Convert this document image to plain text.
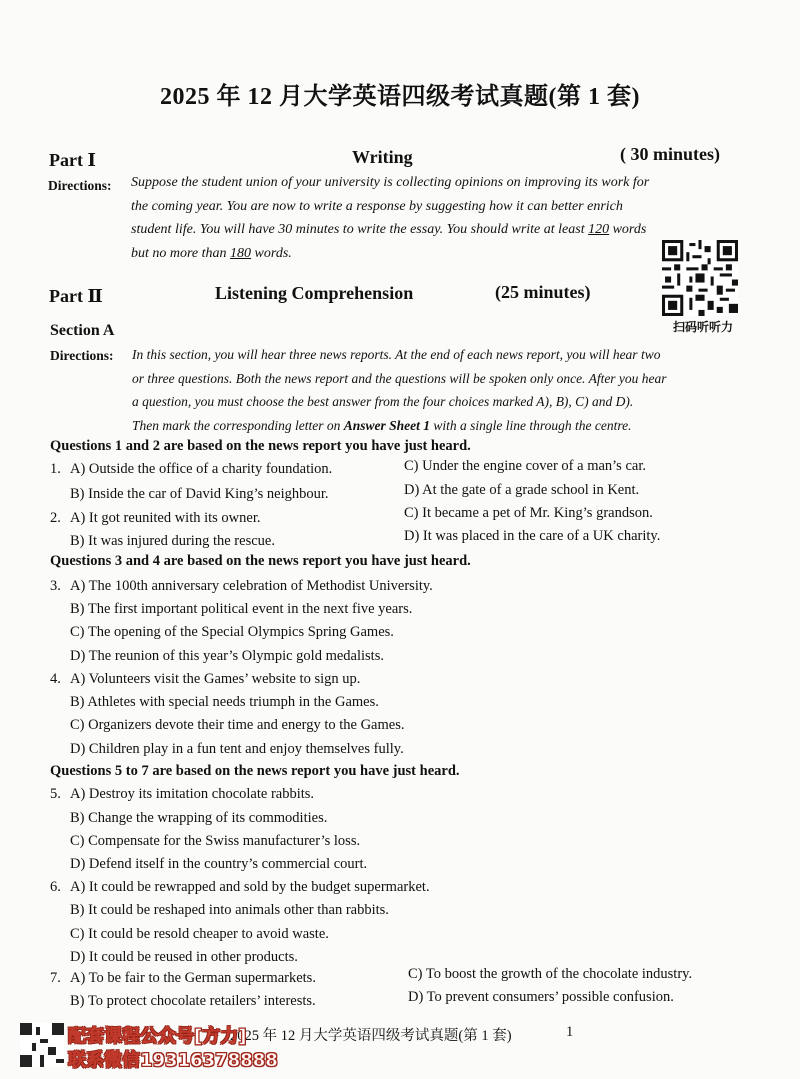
2025 年 12 月大学英语四级考试真题(第 1 套)
Part Ⅰ	Writing	( 30 minutes)
Directions: Suppose the student union of your university is collecting opinions on improving its work for
the coming year. You are now to write a response by suggesting how it can better enrich
student life. You will have 30 minutes to write the essay. You should write at least 120 words
but no more than 180 words.
扫码听听力
Part Ⅱ	Listening Comprehension	(25 minutes)
Section A
Directions: In this section, you will hear three news reports. At the end of each news report, you will hear two
or three questions. Both the news report and the questions will be spoken only once. After you hear
a question, you must choose the best answer from the four choices marked A), B), C) and D).
Then mark the corresponding letter on Answer Sheet 1 with a single line through the centre.
Questions 1 and 2 are based on the news report you have just heard.
1. A) Outside the office of a charity foundation.
B) Inside the car of David King’s neighbour.
C) Under the engine cover of a man’s car.
D) At the gate of a grade school in Kent.
2. A) It got reunited with its owner.
B) It was injured during the rescue.
C) It became a pet of Mr. King’s grandson.
D) It was placed in the care of a UK charity.
Questions 3 and 4 are based on the news report you have just heard.
3. A) The 100th anniversary celebration of Methodist University.
B) The first important political event in the next five years.
C) The opening of the Special Olympics Spring Games.
D) The reunion of this year’s Olympic gold medalists.
4. A) Volunteers visit the Games’ website to sign up.
B) Athletes with special needs triumph in the Games.
C) Organizers devote their time and energy to the Games.
D) Children play in a fun tent and enjoy themselves fully.
Questions 5 to 7 are based on the news report you have just heard.
5. A) Destroy its imitation chocolate rabbits.
B) Change the wrapping of its commodities.
C) Compensate for the Swiss manufacturer’s loss.
D) Defend itself in the country’s commercial court.
6. A) It could be rewrapped and sold by the budget supermarket.
B) It could be reshaped into animals other than rabbits.
C) It could be resold cheaper to avoid waste.
D) It could be reused in other products.
7. A) To be fair to the German supermarkets.
B) To protect chocolate retailers’ interests.
C) To boost the growth of the chocolate industry.
D) To prevent consumers’ possible confusion.
2025 年 12 月大学英语四级考试真题(第 1 套)	1
配套课程公众号[方力]
联系微信19316378888
